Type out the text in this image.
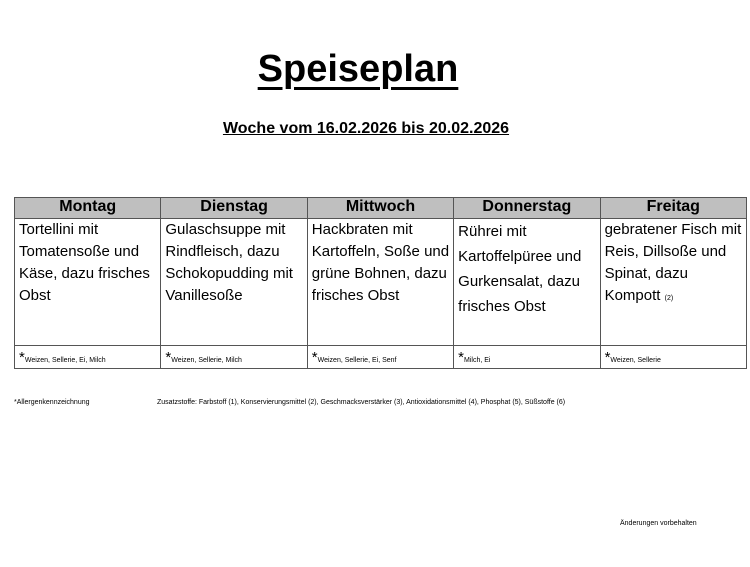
Speiseplan
Woche vom 16.02.2026 bis 20.02.2026
Montag	Dienstag	Mittwoch	Donnerstag	Freitag
Tortellini mit Tomatensoße und Käse, dazu frisches Obst	Gulaschsuppe mit Rindfleisch, dazu Schokopudding mit Vanillesoße	Hackbraten mit Kartoffeln, Soße und grüne Bohnen, dazu frisches Obst	Rührei mit Kartoffelpüree und Gurkensalat, dazu frisches Obst	gebratener Fisch mit Reis, Dillsoße und Spinat, dazu Kompott (2)
*Weizen, Sellerie, Ei, Milch	*Weizen, Sellerie, Milch	*Weizen, Sellerie, Ei, Senf	*Milch, Ei	*Weizen, Sellerie
*Allergenkennzeichnung	Zusatzstoffe: Farbstoff (1), Konservierungsmittel (2), Geschmacksverstärker (3), Antioxidationsmittel (4), Phosphat (5), Süßstoffe (6)
Änderungen vorbehalten
